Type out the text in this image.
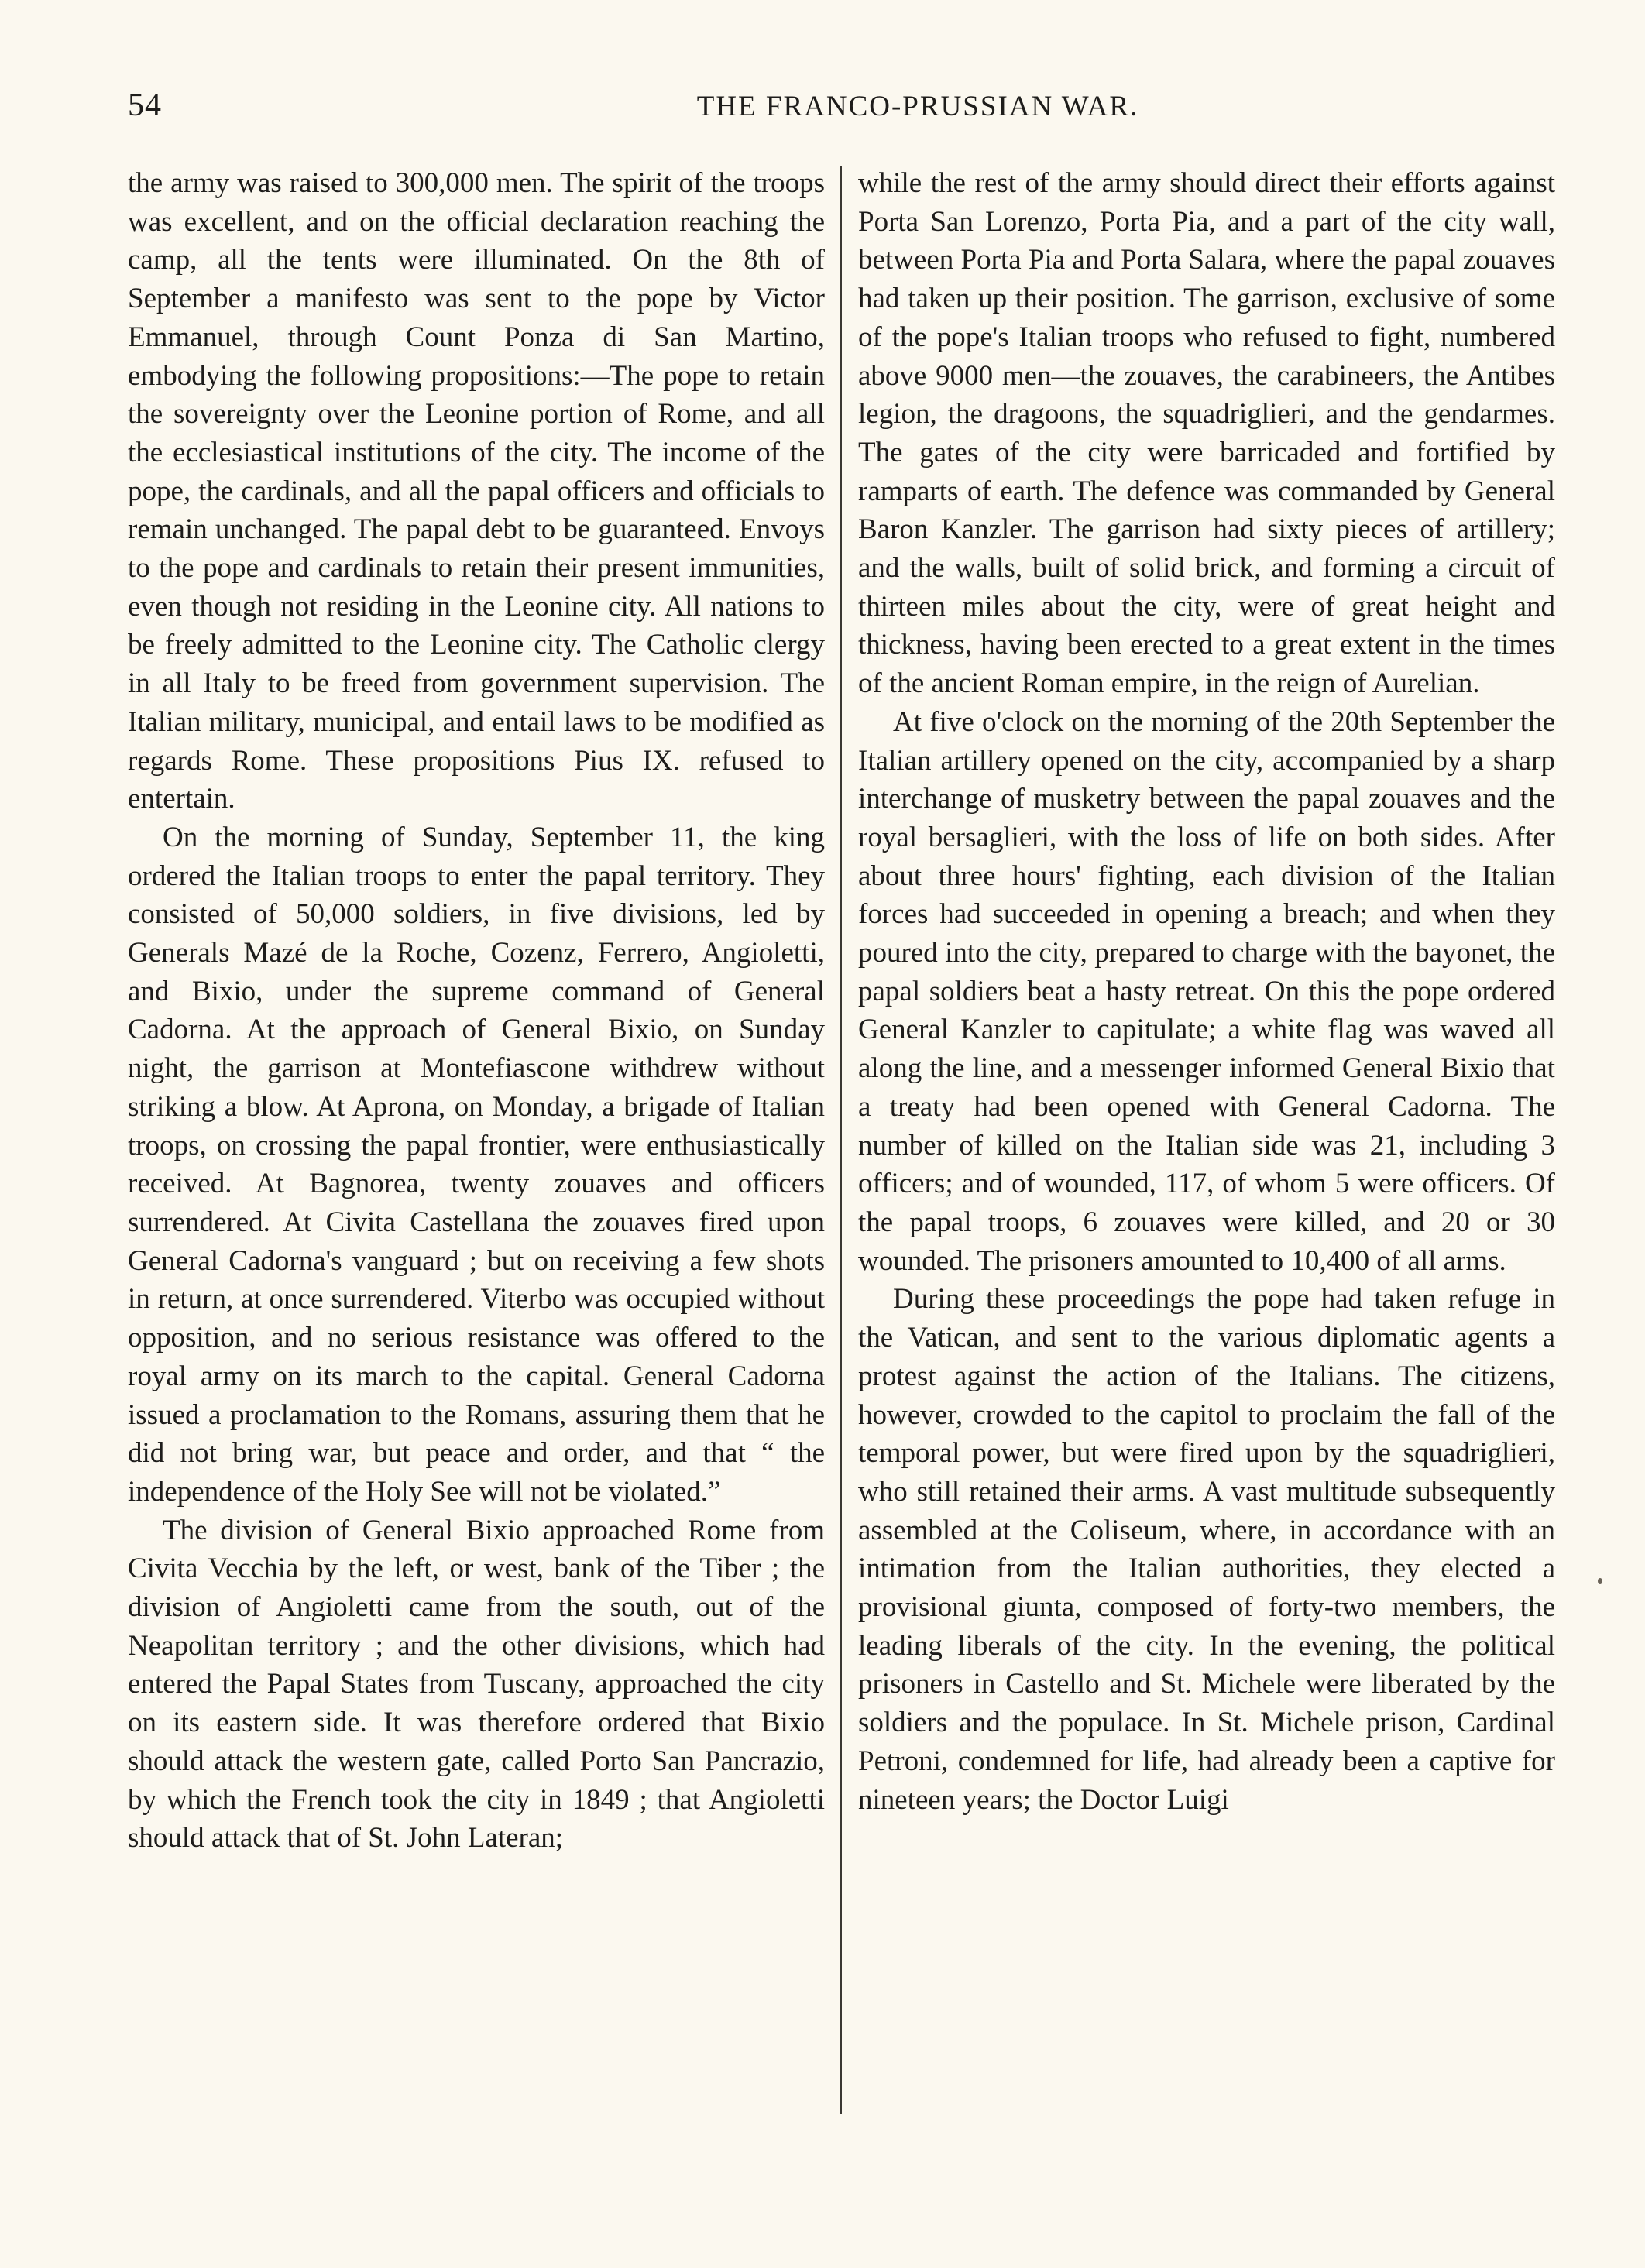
54	THE FRANCO-PRUSSIAN WAR.

the army was raised to 300,000 men. The spirit of the troops was excellent, and on the official declaration reaching the camp, all the tents were illuminated. On the 8th of September a manifesto was sent to the pope by Victor Emmanuel, through Count Ponza di San Martino, embodying the following propositions:—The pope to retain the sovereignty over the Leonine portion of Rome, and all the ecclesiastical institutions of the city. The income of the pope, the cardinals, and all the papal officers and officials to remain unchanged. The papal debt to be guaranteed. Envoys to the pope and cardinals to retain their present immunities, even though not residing in the Leonine city. All nations to be freely admitted to the Leonine city. The Catholic clergy in all Italy to be freed from government supervision. The Italian military, municipal, and entail laws to be modified as regards Rome. These propositions Pius IX. refused to entertain.

On the morning of Sunday, September 11, the king ordered the Italian troops to enter the papal territory. They consisted of 50,000 soldiers, in five divisions, led by Generals Mazé de la Roche, Cozenz, Ferrero, Angioletti, and Bixio, under the supreme command of General Cadorna. At the approach of General Bixio, on Sunday night, the garrison at Montefiascone withdrew without striking a blow. At Aprona, on Monday, a brigade of Italian troops, on crossing the papal frontier, were enthusiastically received. At Bagnorea, twenty zouaves and officers surrendered. At Civita Castellana the zouaves fired upon General Cadorna's vanguard ; but on receiving a few shots in return, at once surrendered. Viterbo was occupied without opposition, and no serious resistance was offered to the royal army on its march to the capital. General Cadorna issued a proclamation to the Romans, assuring them that he did not bring war, but peace and order, and that “ the independence of the Holy See will not be violated.”

The division of General Bixio approached Rome from Civita Vecchia by the left, or west, bank of the Tiber ; the division of Angioletti came from the south, out of the Neapolitan territory ; and the other divisions, which had entered the Papal States from Tuscany, approached the city on its eastern side. It was therefore ordered that Bixio should attack the western gate, called Porto San Pancrazio, by which the French took the city in 1849 ; that Angioletti should attack that of St. John Lateran;

while the rest of the army should direct their efforts against Porta San Lorenzo, Porta Pia, and a part of the city wall, between Porta Pia and Porta Salara, where the papal zouaves had taken up their position. The garrison, exclusive of some of the pope's Italian troops who refused to fight, numbered above 9000 men—the zouaves, the carabineers, the Antibes legion, the dragoons, the squadriglieri, and the gendarmes. The gates of the city were barricaded and fortified by ramparts of earth. The defence was commanded by General Baron Kanzler. The garrison had sixty pieces of artillery; and the walls, built of solid brick, and forming a circuit of thirteen miles about the city, were of great height and thickness, having been erected to a great extent in the times of the ancient Roman empire, in the reign of Aurelian.

At five o'clock on the morning of the 20th September the Italian artillery opened on the city, accompanied by a sharp interchange of musketry between the papal zouaves and the royal bersaglieri, with the loss of life on both sides. After about three hours' fighting, each division of the Italian forces had succeeded in opening a breach; and when they poured into the city, prepared to charge with the bayonet, the papal soldiers beat a hasty retreat. On this the pope ordered General Kanzler to capitulate; a white flag was waved all along the line, and a messenger informed General Bixio that a treaty had been opened with General Cadorna. The number of killed on the Italian side was 21, including 3 officers; and of wounded, 117, of whom 5 were officers. Of the papal troops, 6 zouaves were killed, and 20 or 30 wounded. The prisoners amounted to 10,400 of all arms.

During these proceedings the pope had taken refuge in the Vatican, and sent to the various diplomatic agents a protest against the action of the Italians. The citizens, however, crowded to the capitol to proclaim the fall of the temporal power, but were fired upon by the squadriglieri, who still retained their arms. A vast multitude subsequently assembled at the Coliseum, where, in accordance with an intimation from the Italian authorities, they elected a provisional giunta, composed of forty-two members, the leading liberals of the city. In the evening, the political prisoners in Castello and St. Michele were liberated by the soldiers and the populace. In St. Michele prison, Cardinal Petroni, condemned for life, had already been a captive for nineteen years; the Doctor Luigi
